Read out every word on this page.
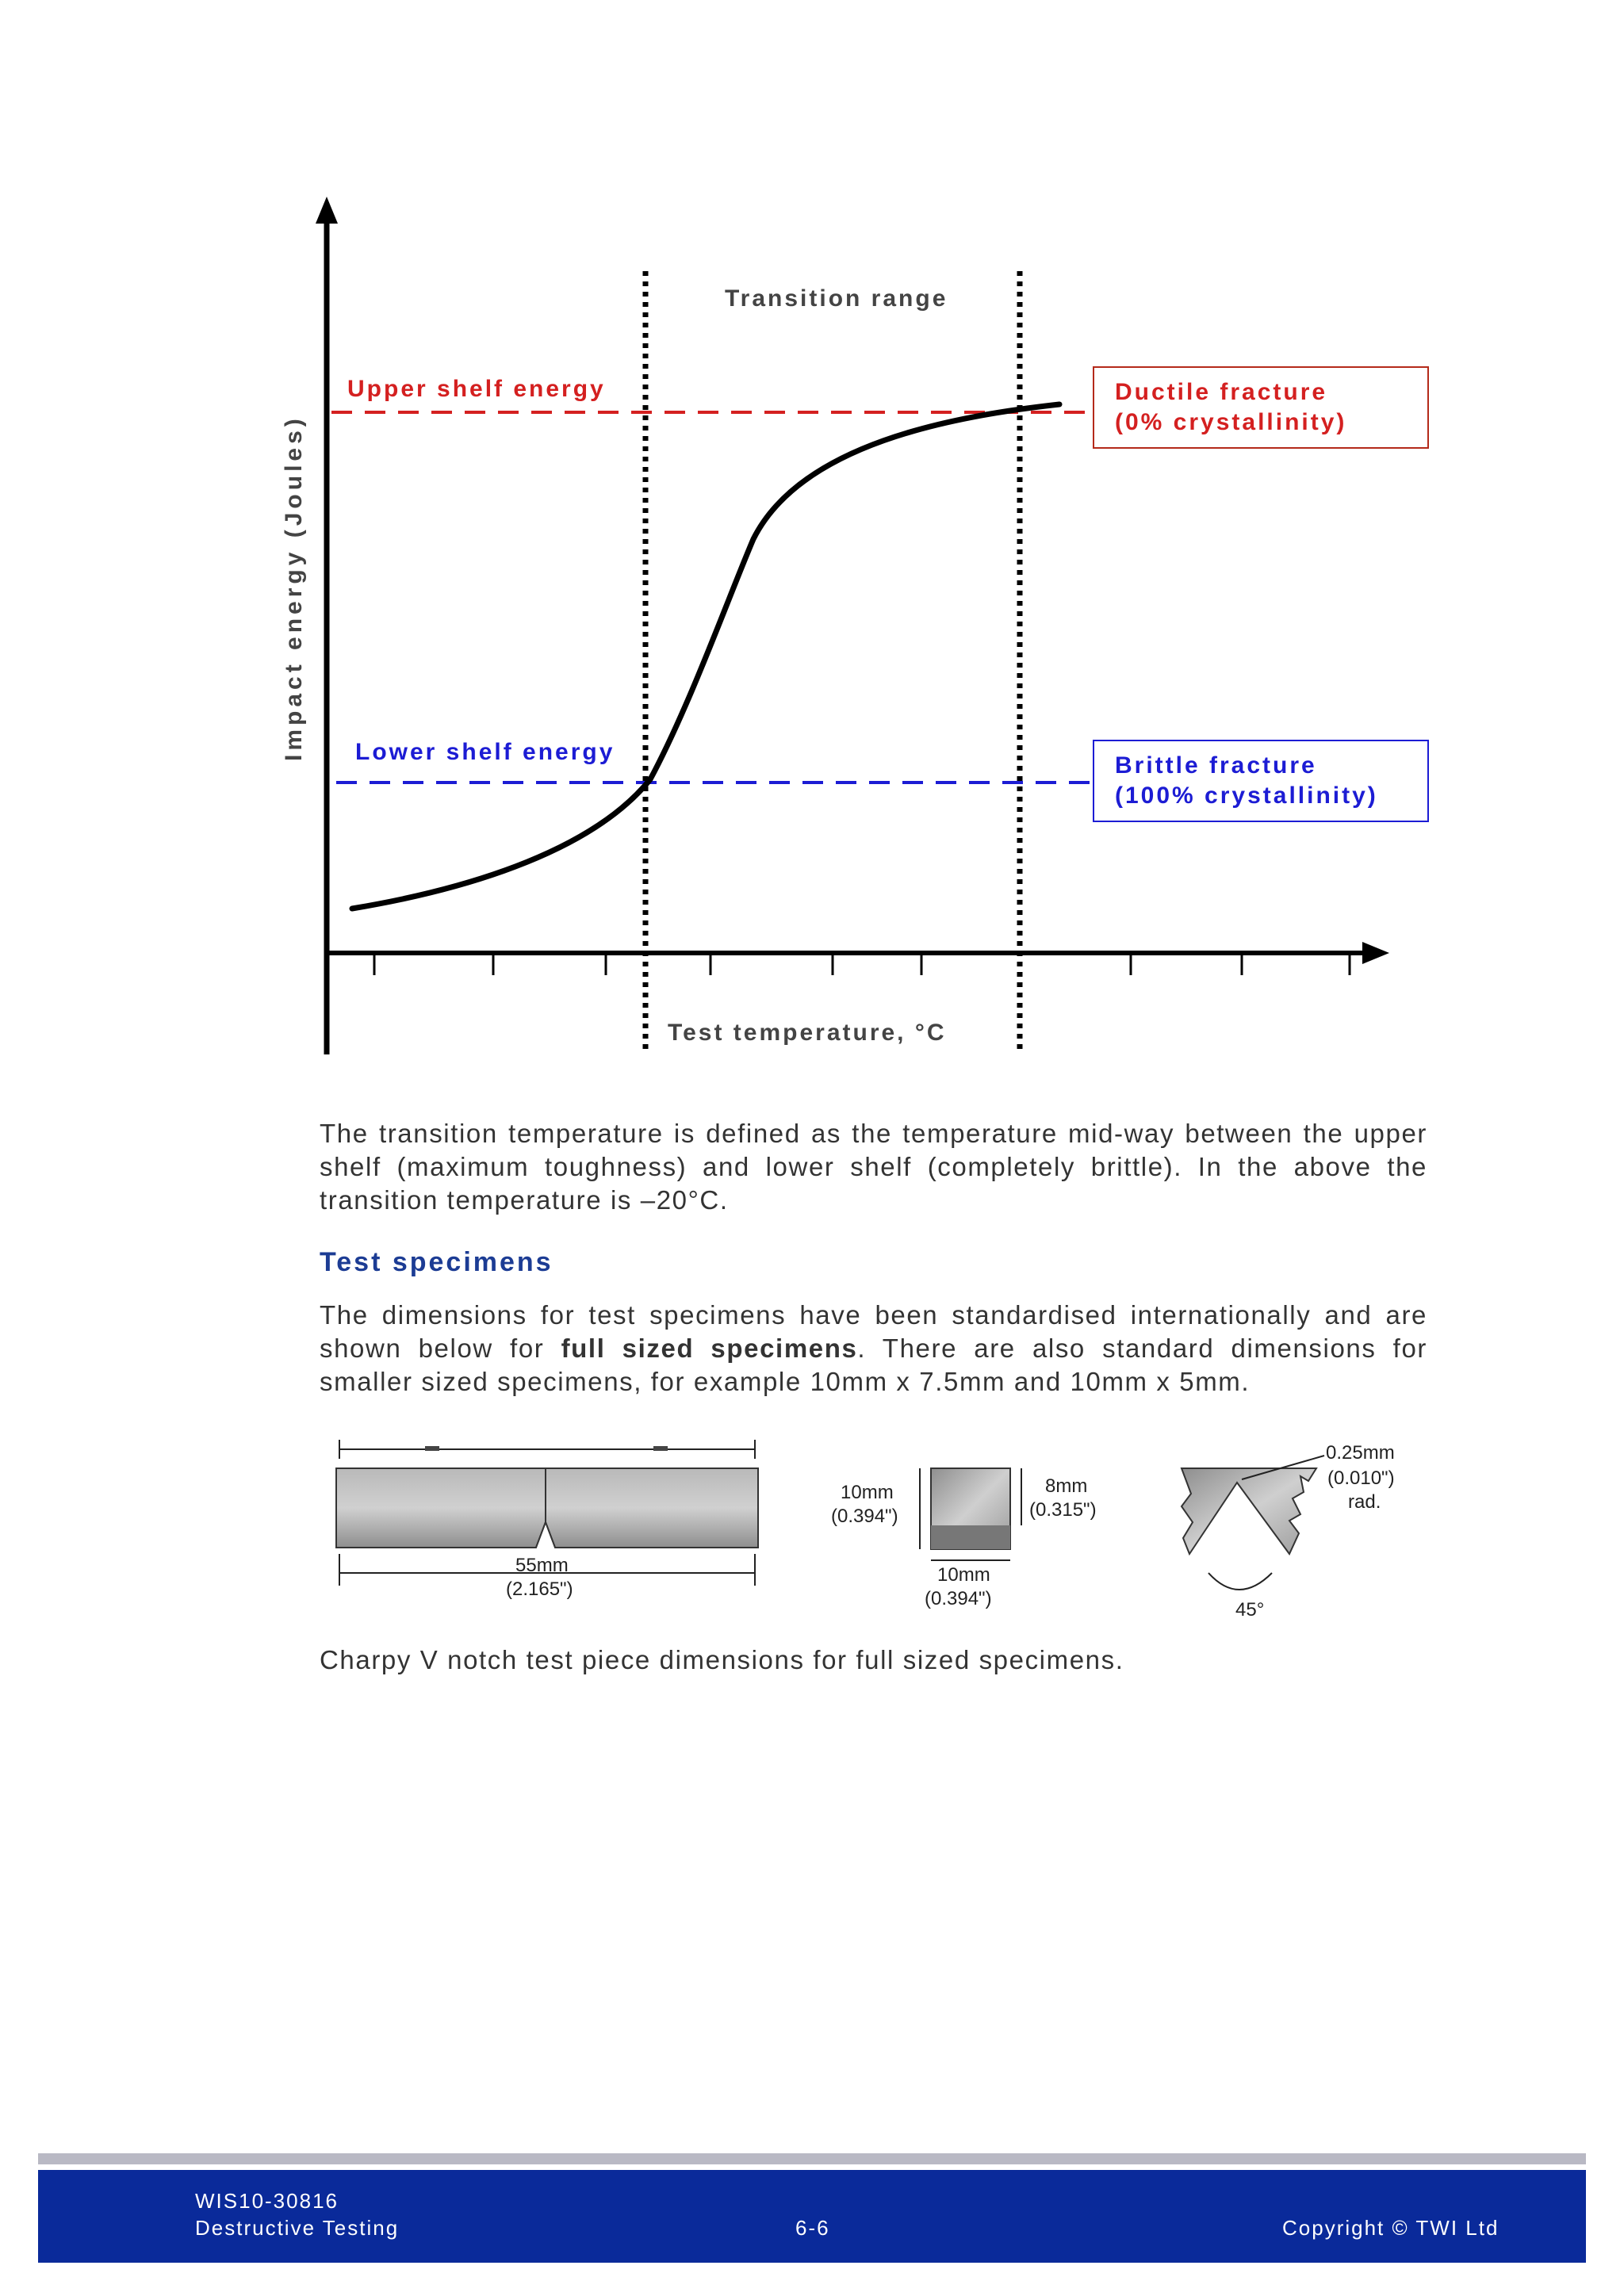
Transition range
Upper shelf energy
Lower shelf energy
Test temperature, °C
Ductile fracture
(0% crystallinity)
Brittle fracture
(100% crystallinity)
Impact energy (Joules)
The transition temperature is defined as the temperature mid-way between the upper shelf (maximum toughness) and lower shelf (completely brittle). In the above the transition temperature is –20°C.
Test specimens
The dimensions for test specimens have been standardised internationally and are shown below for full sized specimens. There are also standard dimensions for smaller sized specimens, for example 10mm x 7.5mm and 10mm x 5mm.
55mm
(2.165")
10mm
(0.394")
8mm
(0.315")
10mm
(0.394")
0.25mm
(0.010")
rad.
45°
Charpy V notch test piece dimensions for full sized specimens.
WIS10-30816
Destructive Testing	6-6	Copyright © TWI Ltd
